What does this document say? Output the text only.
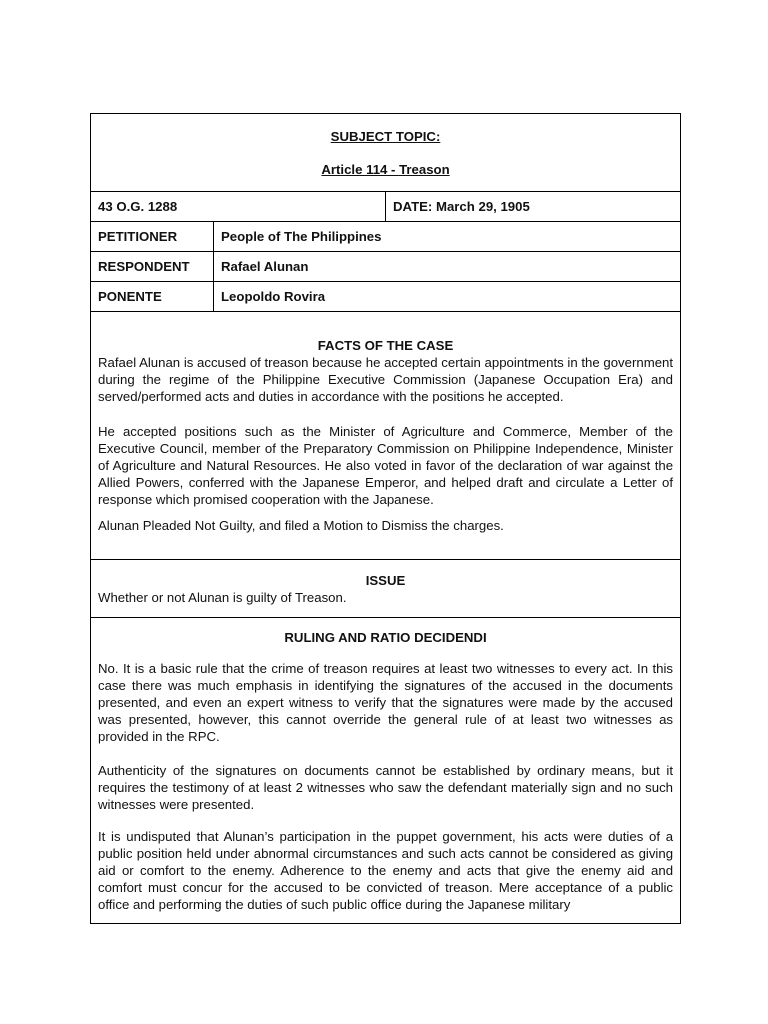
SUBJECT TOPIC:
Article 114 - Treason		

43 O.G. 1288		DATE: March 29, 1905
PETITIONER	People of The Philippines	
RESPONDENT	Rafael Alunan	
PONENTE	Leopoldo Rovira	

FACTS OF THE CASE

Rafael Alunan is accused of treason because he accepted certain appointments in the government during the regime of the Philippine Executive Commission (Japanese Occupation Era) and served/performed acts and duties in accordance with the positions he accepted.

He accepted positions such as the Minister of Agriculture and Commerce, Member of the Executive Council, member of the Preparatory Commission on Philippine Independence, Minister of Agriculture and Natural Resources. He also voted in favor of the declaration of war against the Allied Powers, conferred with the Japanese Emperor, and helped draft and circulate a Letter of response which promised cooperation with the Japanese.

Alunan Pleaded Not Guilty, and filed a Motion to Dismiss the charges.		

ISSUE

Whether or not Alunan is guilty of Treason.		

RULING AND RATIO DECIDENDI

No. It is a basic rule that the crime of treason requires at least two witnesses to every act. In this case there was much emphasis in identifying the signatures of the accused in the documents presented, and even an expert witness to verify that the signatures were made by the accused was presented, however, this cannot override the general rule of at least two witnesses as provided in the RPC.

Authenticity of the signatures on documents cannot be established by ordinary means, but it requires the testimony of at least 2 witnesses who saw the defendant materially sign and no such witnesses were presented.

It is undisputed that Alunan’s participation in the puppet government, his acts were duties of a public position held under abnormal circumstances and such acts cannot be considered as giving aid or comfort to the enemy. Adherence to the enemy and acts that give the enemy aid and comfort must concur for the accused to be convicted of treason. Mere acceptance of a public office and performing the duties of such public office during the Japanese military		
